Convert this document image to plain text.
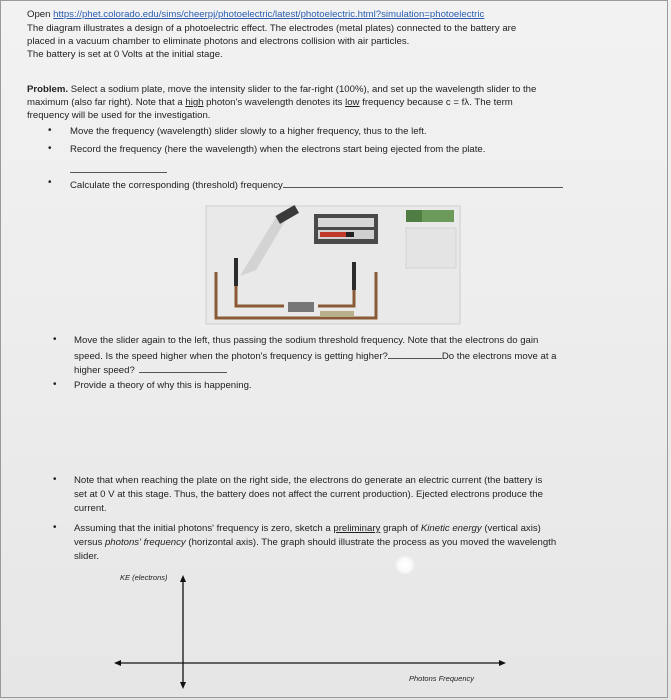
Open https://phet.colorado.edu/sims/cheerpj/photoelectric/latest/photoelectric.html?simulation=photoelectric
The diagram illustrates a design of a photoelectric effect. The electrodes (metal plates) connected to the battery are
placed in a vacuum chamber to eliminate photons and electrons collision with air particles.
The battery is set at 0 Volts at the initial stage.
Problem. Select a sodium plate, move the intensity slider to the far-right (100%), and set up the wavelength slider to the
maximum (also far right). Note that a high photon's wavelength denotes its low frequency because c = fλ. The term
frequency will be used for the investigation.
• Move the frequency (wavelength) slider slowly to a higher frequency, thus to the left.
• Record the frequency (here the wavelength) when the electrons start being ejected from the plate.
• Calculate the corresponding (threshold) frequency
• Move the slider again to the left, thus passing the sodium threshold frequency. Note that the electrons do gain
speed. Is the speed higher when the photon's frequency is getting higher?	Do the electrons move at a
higher speed?
• Provide a theory of why this is happening.
• Note that when reaching the plate on the right side, the electrons do generate an electric current (the battery is
set at 0 V at this stage. Thus, the battery does not affect the current production). Ejected electrons produce the
current.
• Assuming that the initial photons' frequency is zero, sketch a preliminary graph of Kinetic energy (vertical axis)
versus photons' frequency (horizontal axis). The graph should illustrate the process as you moved the wavelength
slider.
KE (electrons)
Photons Frequency
